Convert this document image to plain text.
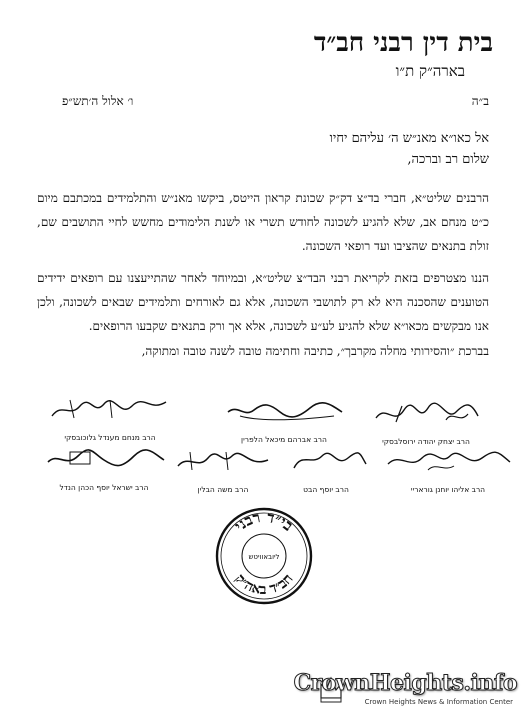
בית דין רבני חב״ד
בארה״ק ת״ו
ב״ה
ו׳ אלול ה׳תש״פ
אל כאו״א מאנ״ש ה׳ עליהם יחיו
שלום רב וברכה,
הרבנים שליט״א, חברי בד״צ דק״ק שכונת קראון הייטס, ביקשו מאנ״ש והתלמידים במכתבם מיום כ״ט מנחם אב, שלא להגיע לשכונה לחודש תשרי או לשנת הלימודים מחשש לחיי התושבים שם, זולת בתנאים שהציבו ועד רופאי השכונה.
הננו מצטרפים בזאת לקריאת רבני הבד״צ שליט״א, ובמיוחד לאחר שהתייעצנו עם רופאים ידידים הטוענים שהסכנה היא לא רק לתושבי השכונה, אלא גם לאורחים ותלמידים שבאים לשכונה, ולכן אנו מבקשים מכאו״א שלא להגיע לע״ע לשכונה, אלא אך ורק בתנאים שקבעו הרופאים.
בברכת ״והסירותי מחלה מקרבך״, כתיבה וחתימה טובה לשנה טובה ומתוקה,
הרב יצחק יהודה ירוסלבסקי
הרב אברהם מיכאל הלפרין
הרב מנחם מענדל גלוכובסקי
הרב אליהו יוחנן גוראריי
הרב יוסף הבט
הרב משה הבלין
הרב ישראל יוסף הכהן הנדל
בי״ד רבני
חב״ד באה״ק
ליובאוויטש
CrownHeights.info
Crown Heights News & Information Center
